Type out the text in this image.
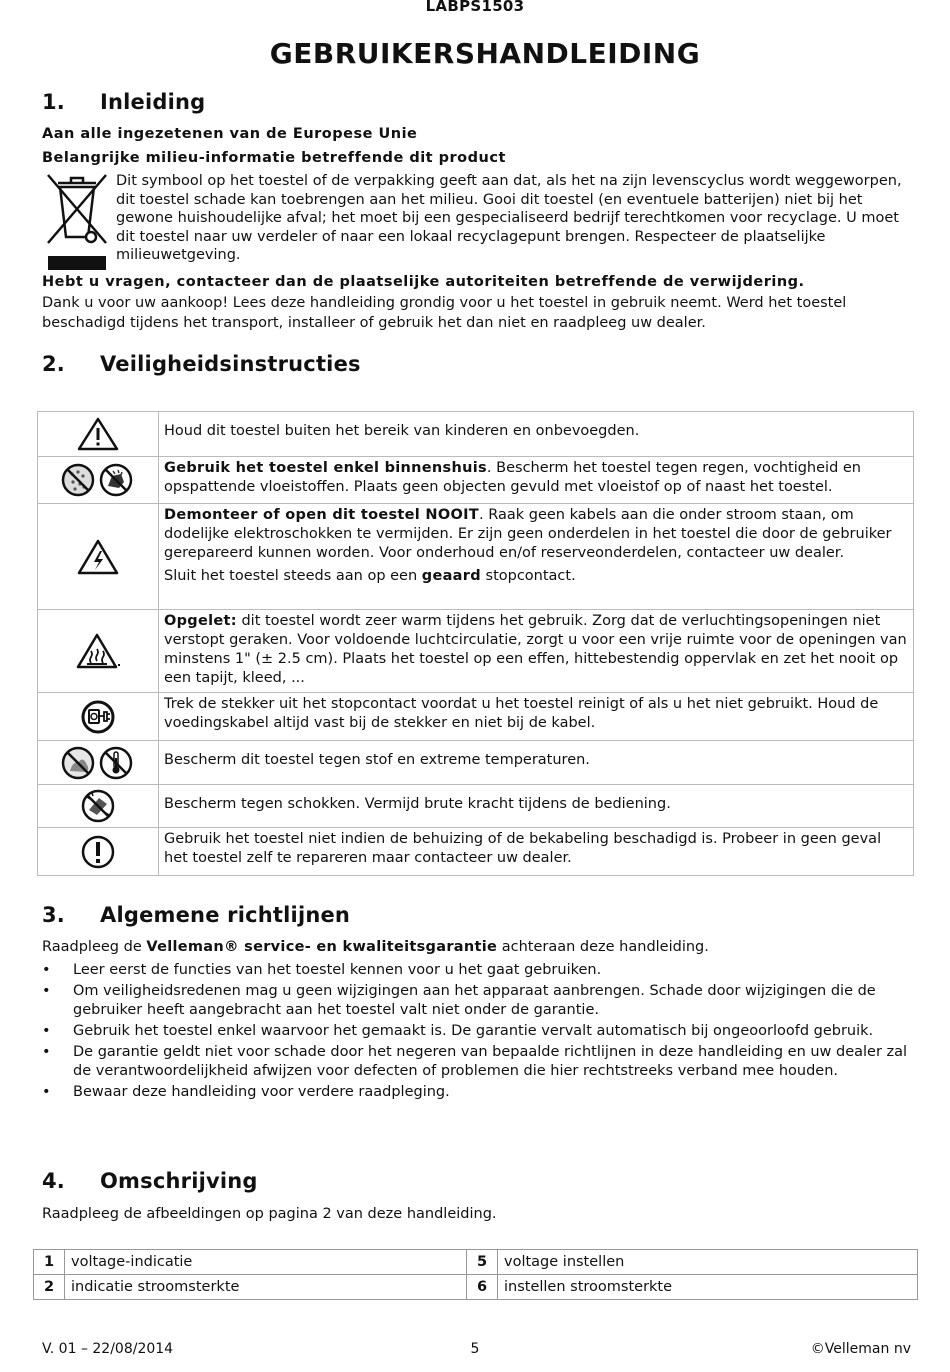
LABPS1503
GEBRUIKERSHANDLEIDING
1. Inleiding
Aan alle ingezetenen van de Europese Unie
Belangrijke milieu-informatie betreffende dit product
Dit symbool op het toestel of de verpakking geeft aan dat, als het na zijn levenscyclus wordt weggeworpen, dit toestel schade kan toebrengen aan het milieu. Gooi dit toestel (en eventuele batterijen) niet bij het gewone huishoudelijke afval; het moet bij een gespecialiseerd bedrijf terechtkomen voor recyclage. U moet dit toestel naar uw verdeler of naar een lokaal recyclagepunt brengen. Respecteer de plaatselijke milieuwetgeving.
Hebt u vragen, contacteer dan de plaatselijke autoriteiten betreffende de verwijdering.
Dank u voor uw aankoop! Lees deze handleiding grondig voor u het toestel in gebruik neemt. Werd het toestel beschadigd tijdens het transport, installeer of gebruik het dan niet en raadpleeg uw dealer.
2. Veiligheidsinstructies
	Houd dit toestel buiten het bereik van kinderen en onbevoegden.
	Gebruik het toestel enkel binnenshuis. Bescherm het toestel tegen regen, vochtigheid en opspattende vloeistoffen. Plaats geen objecten gevuld met vloeistof op of naast het toestel.
	Demonteer of open dit toestel NOOIT. Raak geen kabels aan die onder stroom staan, om dodelijke elektroschokken te vermijden. Er zijn geen onderdelen in het toestel die door de gebruiker gerepareerd kunnen worden. Voor onderhoud en/of reserveonderdelen, contacteer uw dealer.
Sluit het toestel steeds aan op een geaard stopcontact.

	Opgelet: dit toestel wordt zeer warm tijdens het gebruik. Zorg dat de verluchtingsopeningen niet verstopt geraken. Voor voldoende luchtcirculatie, zorgt u voor een vrije ruimte voor de openingen van minstens 1" (± 2.5 cm). Plaats het toestel op een effen, hittebestendig oppervlak en zet het nooit op een tapijt, kleed, ...
	Trek de stekker uit het stopcontact voordat u het toestel reinigt of als u het niet gebruikt. Houd de voedingskabel altijd vast bij de stekker en niet bij de kabel.
	Bescherm dit toestel tegen stof en extreme temperaturen.
	Bescherm tegen schokken. Vermijd brute kracht tijdens de bediening.
	Gebruik het toestel niet indien de behuizing of de bekabeling beschadigd is. Probeer in geen geval het toestel zelf te repareren maar contacteer uw dealer.
3. Algemene richtlijnen
Raadpleeg de Velleman® service- en kwaliteitsgarantie achteraan deze handleiding.
• Leer eerst de functies van het toestel kennen voor u het gaat gebruiken.
• Om veiligheidsredenen mag u geen wijzigingen aan het apparaat aanbrengen. Schade door wijzigingen die de gebruiker heeft aangebracht aan het toestel valt niet onder de garantie.
• Gebruik het toestel enkel waarvoor het gemaakt is. De garantie vervalt automatisch bij ongeoorloofd gebruik.
• De garantie geldt niet voor schade door het negeren van bepaalde richtlijnen in deze handleiding en uw dealer zal de verantwoordelijkheid afwijzen voor defecten of problemen die hier rechtstreeks verband mee houden.
• Bewaar deze handleiding voor verdere raadpleging.
4. Omschrijving
Raadpleeg de afbeeldingen op pagina 2 van deze handleiding.
1	voltage-indicatie	5	voltage instellen
2	indicatie stroomsterkte	6	instellen stroomsterkte
V. 01 – 22/08/2014	5	©Velleman nv
